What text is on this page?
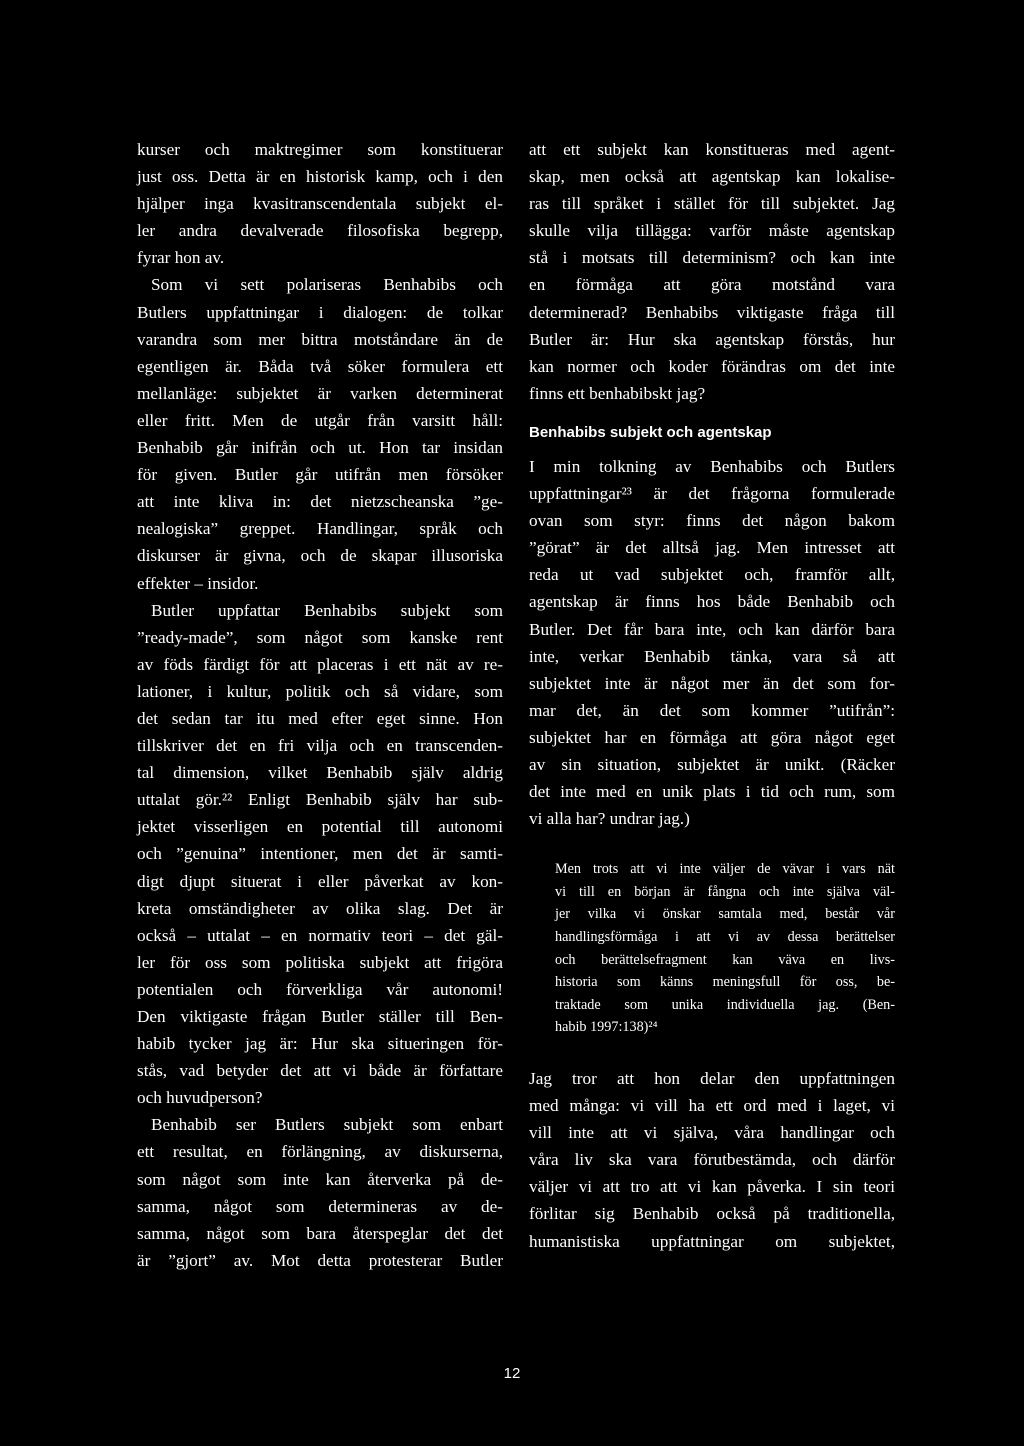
kurser och maktregimer som konstituerar
just oss. Detta är en historisk kamp, och i den
hjälper inga kvasitranscendentala subjekt el-
ler andra devalverade filosofiska begrepp,
fyrar hon av.
Som vi sett polariseras Benhabibs och
Butlers uppfattningar i dialogen: de tolkar
varandra som mer bittra motståndare än de
egentligen är. Båda två söker formulera ett
mellanläge: subjektet är varken determinerat
eller fritt. Men de utgår från varsitt håll:
Benhabib går inifrån och ut. Hon tar insidan
för given. Butler går utifrån men försöker
att inte kliva in: det nietzscheanska ”ge-
nealogiska” greppet. Handlingar, språk och
diskurser är givna, och de skapar illusoriska
effekter – insidor.
Butler uppfattar Benhabibs subjekt som
”ready-made”, som något som kanske rent
av föds färdigt för att placeras i ett nät av re-
lationer, i kultur, politik och så vidare, som
det sedan tar itu med efter eget sinne. Hon
tillskriver det en fri vilja och en transcenden-
tal dimension, vilket Benhabib själv aldrig
uttalat gör.²² Enligt Benhabib själv har sub-
jektet visserligen en potential till autonomi
och ”genuina” intentioner, men det är samti-
digt djupt situerat i eller påverkat av kon-
kreta omständigheter av olika slag. Det är
också – uttalat – en normativ teori – det gäl-
ler för oss som politiska subjekt att frigöra
potentialen och förverkliga vår autonomi!
Den viktigaste frågan Butler ställer till Ben-
habib tycker jag är: Hur ska situeringen för-
stås, vad betyder det att vi både är författare
och huvudperson?
Benhabib ser Butlers subjekt som enbart
ett resultat, en förlängning, av diskurserna,
som något som inte kan återverka på de-
samma, något som determineras av de-
samma, något som bara återspeglar det det
är ”gjort” av. Mot detta protesterar Butler
att ett subjekt kan konstitueras med agent-
skap, men också att agentskap kan lokalise-
ras till språket i stället för till subjektet. Jag
skulle vilja tillägga: varför måste agentskap
stå i motsats till determinism? och kan inte
en förmåga att göra motstånd vara
determinerad? Benhabibs viktigaste fråga till
Butler är: Hur ska agentskap förstås, hur
kan normer och koder förändras om det inte
finns ett benhabibskt jag?
Benhabibs subjekt och agentskap
I min tolkning av Benhabibs och Butlers
uppfattningar²³ är det frågorna formulerade
ovan som styr: finns det någon bakom
”görat” är det alltså jag. Men intresset att
reda ut vad subjektet och, framför allt,
agentskap är finns hos både Benhabib och
Butler. Det får bara inte, och kan därför bara
inte, verkar Benhabib tänka, vara så att
subjektet inte är något mer än det som for-
mar det, än det som kommer ”utifrån”:
subjektet har en förmåga att göra något eget
av sin situation, subjektet är unikt. (Räcker
det inte med en unik plats i tid och rum, som
vi alla har? undrar jag.)
Men trots att vi inte väljer de vävar i vars nät
vi till en början är fångna och inte själva väl-
jer vilka vi önskar samtala med, består vår
handlingsförmåga i att vi av dessa berättelser
och berättelsefragment kan väva en livs-
historia som känns meningsfull för oss, be-
traktade som unika individuella jag. (Ben-
habib 1997:138)²⁴
Jag tror att hon delar den uppfattningen
med många: vi vill ha ett ord med i laget, vi
vill inte att vi själva, våra handlingar och
våra liv ska vara förutbestämda, och därför
väljer vi att tro att vi kan påverka. I sin teori
förlitar sig Benhabib också på traditionella,
humanistiska uppfattningar om subjektet,
12
